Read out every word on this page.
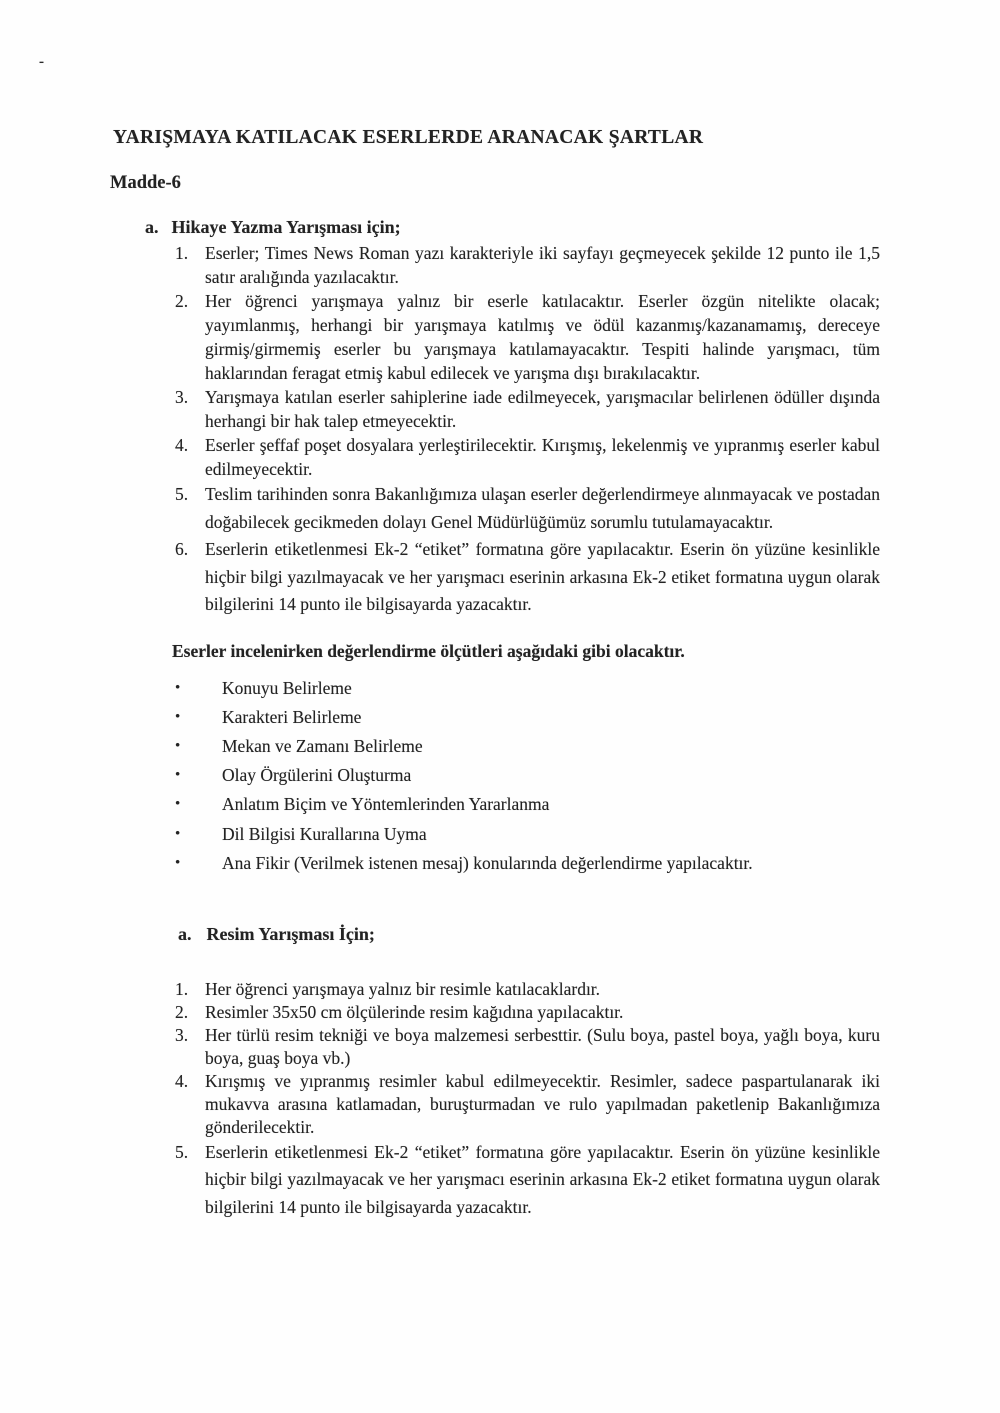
-
YARIŞMAYA KATILACAK ESERLERDE ARANACAK ŞARTLAR
Madde-6
a. Hikaye Yazma Yarışması için;
1. Eserler; Times News Roman yazı karakteriyle iki sayfayı geçmeyecek şekilde 12 punto ile 1,5 satır aralığında yazılacaktır.
2. Her öğrenci yarışmaya yalnız bir eserle katılacaktır. Eserler özgün nitelikte olacak; yayımlanmış, herhangi bir yarışmaya katılmış ve ödül kazanmış/kazanamamış, dereceye girmiş/girmemiş eserler bu yarışmaya katılamayacaktır. Tespiti halinde yarışmacı, tüm haklarından feragat etmiş kabul edilecek ve yarışma dışı bırakılacaktır.
3. Yarışmaya katılan eserler sahiplerine iade edilmeyecek, yarışmacılar belirlenen ödüller dışında herhangi bir hak talep etmeyecektir.
4. Eserler şeffaf poşet dosyalara yerleştirilecektir. Kırışmış, lekelenmiş ve yıpranmış eserler kabul edilmeyecektir.
5. Teslim tarihinden sonra Bakanlığımıza ulaşan eserler değerlendirmeye alınmayacak ve postadan doğabilecek gecikmeden dolayı Genel Müdürlüğümüz sorumlu tutulamayacaktır.
6. Eserlerin etiketlenmesi Ek-2 “etiket” formatına göre yapılacaktır. Eserin ön yüzüne kesinlikle hiçbir bilgi yazılmayacak ve her yarışmacı eserinin arkasına Ek-2 etiket formatına uygun olarak bilgilerini 14 punto ile bilgisayarda yazacaktır.
Eserler incelenirken değerlendirme ölçütleri aşağıdaki gibi olacaktır.
•	Konuyu Belirleme
•	Karakteri Belirleme
•	Mekan ve Zamanı Belirleme
•	Olay Örgülerini Oluşturma
•	Anlatım Biçim ve Yöntemlerinden Yararlanma
•	Dil Bilgisi Kurallarına Uyma
•	Ana Fikir (Verilmek istenen mesaj) konularında değerlendirme yapılacaktır.
a. Resim Yarışması İçin;
1. Her öğrenci yarışmaya yalnız bir resimle katılacaklardır.
2. Resimler 35x50 cm ölçülerinde resim kağıdına yapılacaktır.
3. Her türlü resim tekniği ve boya malzemesi serbesttir. (Sulu boya, pastel boya, yağlı boya, kuru boya, guaş boya vb.)
4. Kırışmış ve yıpranmış resimler kabul edilmeyecektir. Resimler, sadece paspartulanarak iki mukavva arasına katlamadan, buruşturmadan ve rulo yapılmadan paketlenip Bakanlığımıza gönderilecektir.
5. Eserlerin etiketlenmesi Ek-2 “etiket” formatına göre yapılacaktır. Eserin ön yüzüne kesinlikle hiçbir bilgi yazılmayacak ve her yarışmacı eserinin arkasına Ek-2 etiket formatına uygun olarak bilgilerini 14 punto ile bilgisayarda yazacaktır.
